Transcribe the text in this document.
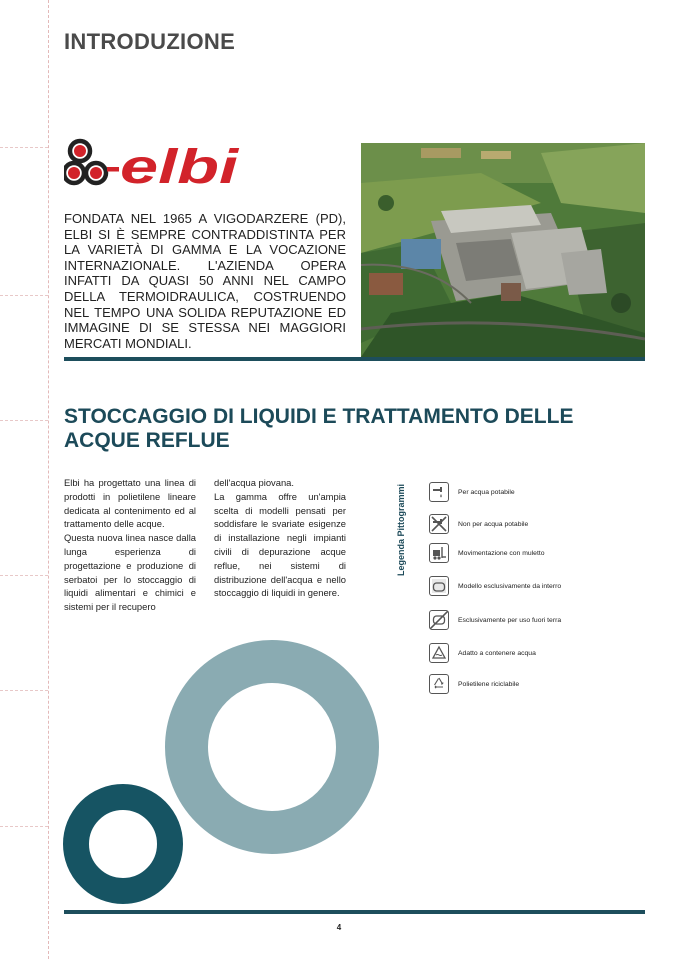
INTRODUZIONE
elbi

FONDATA NEL 1965 A VIGODARZERE (PD), ELBI SI È SEMPRE CONTRADDISTINTA PER LA VARIETÀ DI GAMMA E LA VOCAZIONE INTERNAZIONALE. L'AZIENDA OPERA INFATTI DA QUASI 50 ANNI NEL CAMPO DELLA TERMOIDRAULICA, COSTRUENDO NEL TEMPO UNA SOLIDA REPUTAZIONE ED IMMAGINE DI SE STESSA NEI MAGGIORI MERCATI MONDIALI.

STOCCAGGIO DI LIQUIDI E TRATTAMENTO DELLE ACQUE REFLUE

Elbi ha progettato una linea di prodotti in polietilene lineare dedicata al contenimento ed al trattamento delle acque.

Questa nuova linea nasce dalla lunga esperienza di progettazione e produzione di serbatoi per lo stoccaggio di liquidi alimentari e chimici e sistemi per il recupero

dell'acqua piovana.

La gamma offre un'ampia scelta di modelli pensati per soddisfare le svariate esigenze di installazione negli impianti civili di depurazione acque reflue, nei sistemi di distribuzione dell'acqua e nello stoccaggio di liquidi in genere.

Legenda Pittogrammi	Per acqua potabile
Non per acqua potabile
Movimentazione con muletto
Modello esclusivamente da interro
Esclusivamente per uso fuori terra
Adatto a contenere acqua
Polietilene riciclabile
4
